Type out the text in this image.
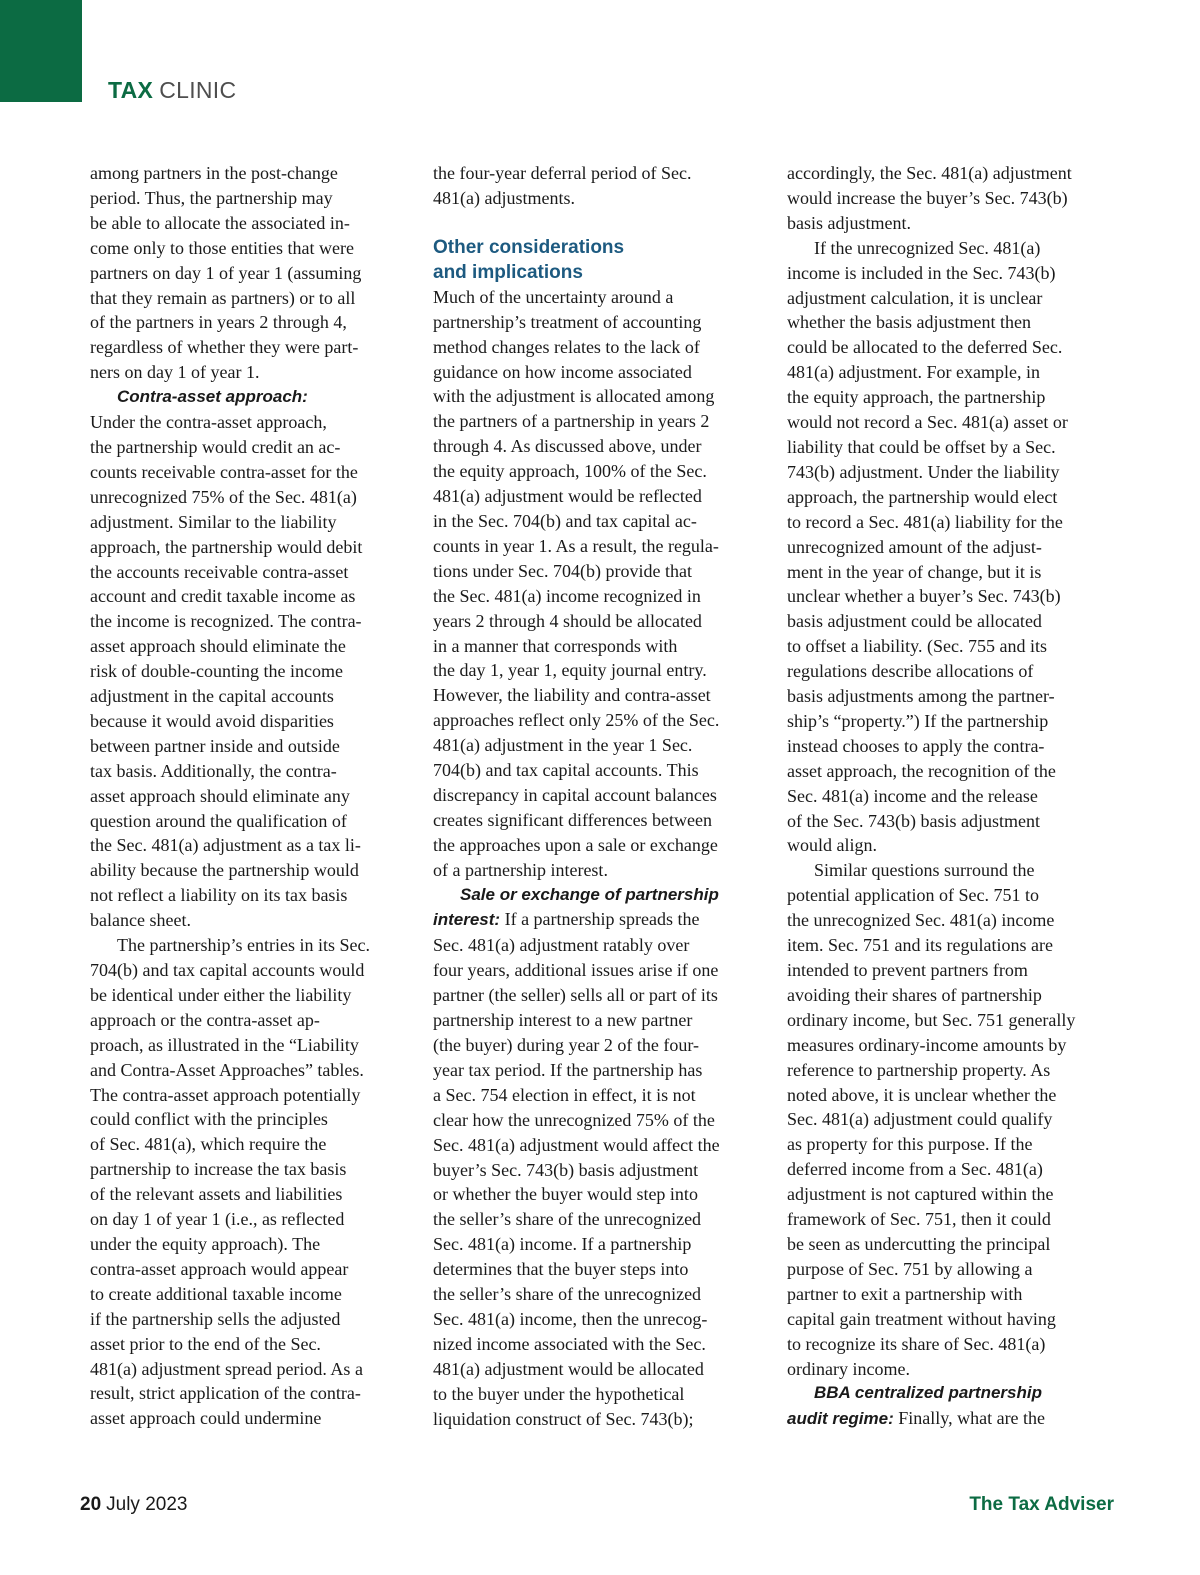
TAX CLINIC

among partners in the post-change
period. Thus, the partnership may
be able to allocate the associated in-
come only to those entities that were
partners on day 1 of year 1 (assuming
that they remain as partners) or to all
of the partners in years 2 through 4,
regardless of whether they were part-
ners on day 1 of year 1.

Contra-asset approach:

Under the contra-asset approach,
the partnership would credit an ac-
counts receivable contra-asset for the
unrecognized 75% of the Sec. 481(a)
adjustment. Similar to the liability
approach, the partnership would debit
the accounts receivable contra-asset
account and credit taxable income as
the income is recognized. The contra-
asset approach should eliminate the
risk of double-counting the income
adjustment in the capital accounts
because it would avoid disparities
between partner inside and outside
tax basis. Additionally, the contra-
asset approach should eliminate any
question around the qualification of
the Sec. 481(a) adjustment as a tax li-
ability because the partnership would
not reflect a liability on its tax basis
balance sheet.

The partnership’s entries in its Sec.
704(b) and tax capital accounts would
be identical under either the liability
approach or the contra-asset ap-
proach, as illustrated in the “Liability
and Contra-Asset Approaches” tables.
The contra-asset approach potentially
could conflict with the principles
of Sec. 481(a), which require the
partnership to increase the tax basis
of the relevant assets and liabilities
on day 1 of year 1 (i.e., as reflected
under the equity approach). The
contra-asset approach would appear
to create additional taxable income
if the partnership sells the adjusted
asset prior to the end of the Sec.
481(a) adjustment spread period. As a
result, strict application of the contra-
asset approach could undermine

the four-year deferral period of Sec.
481(a) adjustments.

Other considerations
and implications

Much of the uncertainty around a
partnership’s treatment of accounting
method changes relates to the lack of
guidance on how income associated
with the adjustment is allocated among
the partners of a partnership in years 2
through 4. As discussed above, under
the equity approach, 100% of the Sec.
481(a) adjustment would be reflected
in the Sec. 704(b) and tax capital ac-
counts in year 1. As a result, the regula-
tions under Sec. 704(b) provide that
the Sec. 481(a) income recognized in
years 2 through 4 should be allocated
in a manner that corresponds with
the day 1, year 1, equity journal entry.
However, the liability and contra-asset
approaches reflect only 25% of the Sec.
481(a) adjustment in the year 1 Sec.
704(b) and tax capital accounts. This
discrepancy in capital account balances
creates significant differences between
the approaches upon a sale or exchange
of a partnership interest.

Sale or exchange of partnership
interest: If a partnership spreads the

Sec. 481(a) adjustment ratably over
four years, additional issues arise if one
partner (the seller) sells all or part of its
partnership interest to a new partner
(the buyer) during year 2 of the four-
year tax period. If the partnership has
a Sec. 754 election in effect, it is not
clear how the unrecognized 75% of the
Sec. 481(a) adjustment would affect the
buyer’s Sec. 743(b) basis adjustment
or whether the buyer would step into
the seller’s share of the unrecognized
Sec. 481(a) income. If a partnership
determines that the buyer steps into
the seller’s share of the unrecognized
Sec. 481(a) income, then the unrecog-
nized income associated with the Sec.
481(a) adjustment would be allocated
to the buyer under the hypothetical
liquidation construct of Sec. 743(b);

accordingly, the Sec. 481(a) adjustment
would increase the buyer’s Sec. 743(b)
basis adjustment.

If the unrecognized Sec. 481(a)
income is included in the Sec. 743(b)
adjustment calculation, it is unclear
whether the basis adjustment then
could be allocated to the deferred Sec.
481(a) adjustment. For example, in
the equity approach, the partnership
would not record a Sec. 481(a) asset or
liability that could be offset by a Sec.
743(b) adjustment. Under the liability
approach, the partnership would elect
to record a Sec. 481(a) liability for the
unrecognized amount of the adjust-
ment in the year of change, but it is
unclear whether a buyer’s Sec. 743(b)
basis adjustment could be allocated
to offset a liability. (Sec. 755 and its
regulations describe allocations of
basis adjustments among the partner-
ship’s “property.”) If the partnership
instead chooses to apply the contra-
asset approach, the recognition of the
Sec. 481(a) income and the release
of the Sec. 743(b) basis adjustment
would align.

Similar questions surround the
potential application of Sec. 751 to
the unrecognized Sec. 481(a) income
item. Sec. 751 and its regulations are
intended to prevent partners from
avoiding their shares of partnership
ordinary income, but Sec. 751 generally
measures ordinary-income amounts by
reference to partnership property. As
noted above, it is unclear whether the
Sec. 481(a) adjustment could qualify
as property for this purpose. If the
deferred income from a Sec. 481(a)
adjustment is not captured within the
framework of Sec. 751, then it could
be seen as undercutting the principal
purpose of Sec. 751 by allowing a
partner to exit a partnership with
capital gain treatment without having
to recognize its share of Sec. 481(a)
ordinary income.

BBA centralized partnership
audit regime: Finally, what are the

20 July 2023	The Tax Adviser
